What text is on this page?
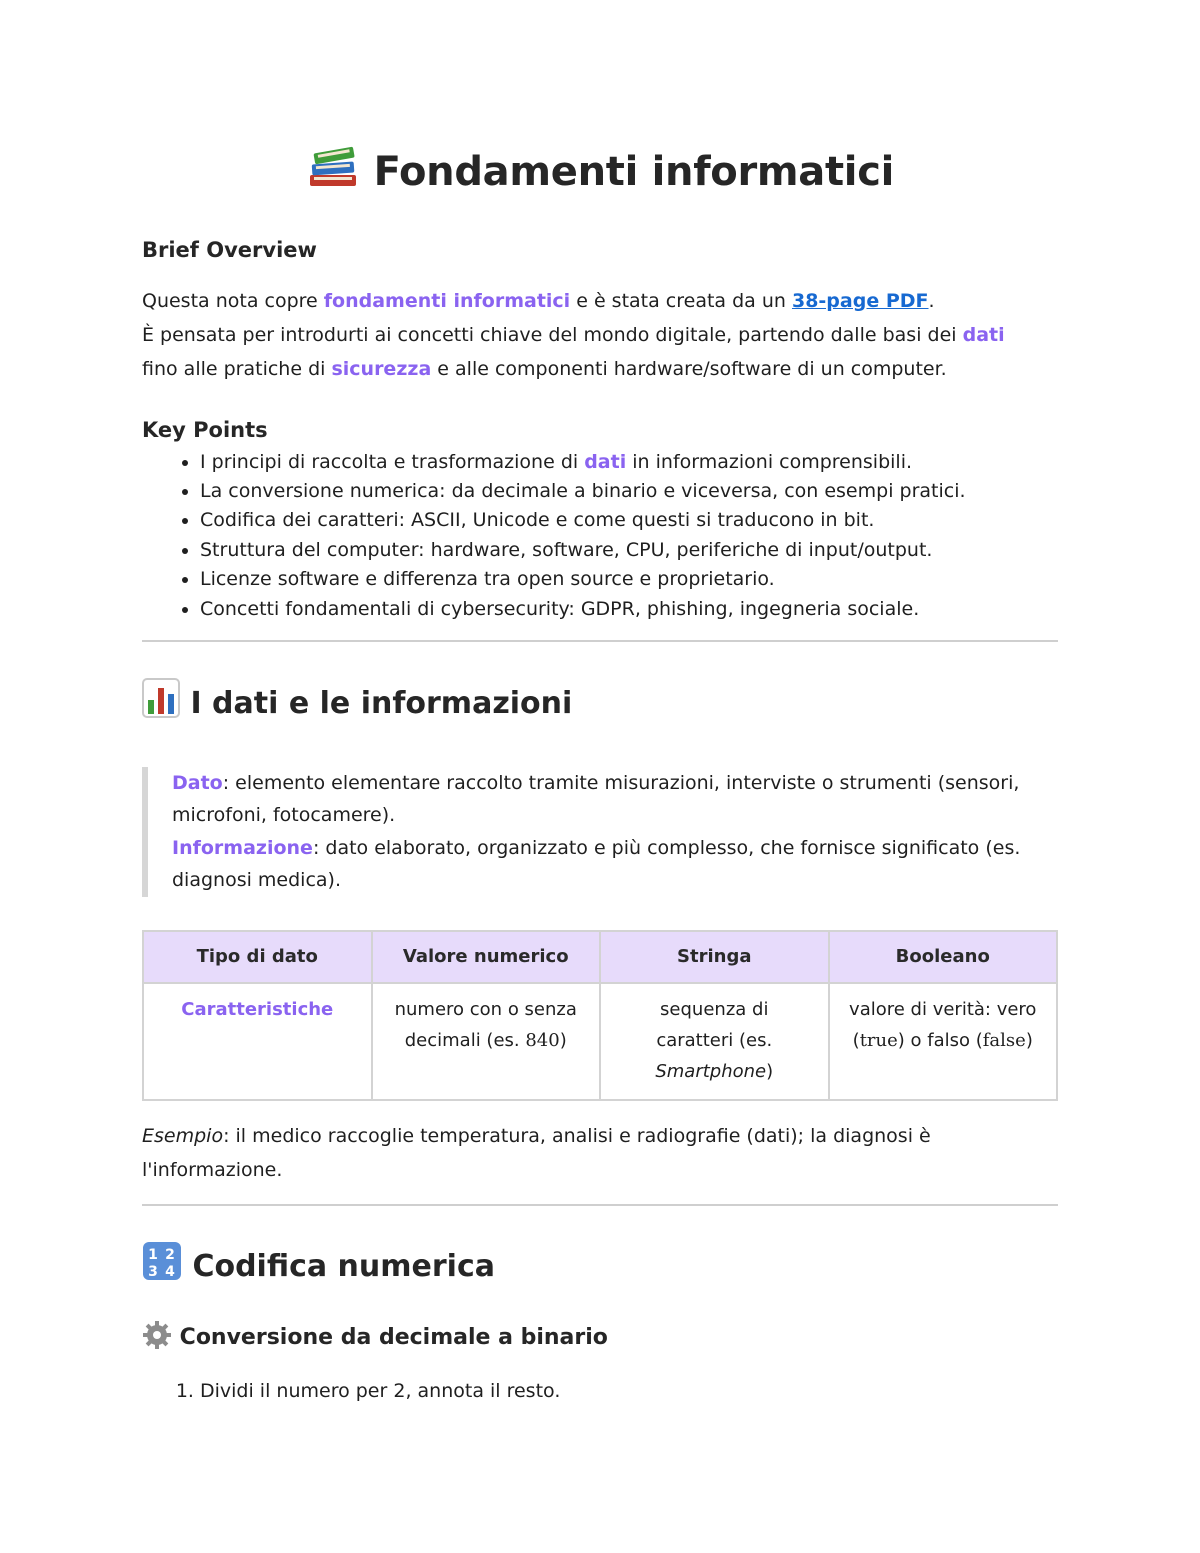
Fondamenti informatici
Brief Overview

Questa nota copre fondamenti informatici e è stata creata da un 38-page PDF.

È pensata per introdurti ai concetti chiave del mondo digitale, partendo dalle basi dei dati

fino alle pratiche di sicurezza e alle componenti hardware/software di un computer.

Key Points
• I principi di raccolta e trasformazione di dati in informazioni comprensibili.
• La conversione numerica: da decimale a binario e viceversa, con esempi pratici.
• Codifica dei caratteri: ASCII, Unicode e come questi si traducono in bit.
• Struttura del computer: hardware, software, CPU, periferiche di input/output.
• Licenze software e differenza tra open source e proprietario.
• Concetti fondamentali di cybersecurity: GDPR, phishing, ingegneria sociale.
I dati e le informazioni

Dato: elemento elementare raccolto tramite misurazioni, interviste o strumenti (sensori, microfoni, fotocamere).

Informazione: dato elaborato, organizzato e più complesso, che fornisce significato (es. diagnosi medica).

Tipo di dato	Valore numerico	Stringa	Booleano
Caratteristiche	numero con o senza decimali (es. 840)	sequenza di caratteri (es. Smartphone)	valore di verità: vero (true) o falso (false)

Esempio: il medico raccoglie temperatura, analisi e radiografie (dati); la diagnosi è l'informazione.

1 2
3 4 Codifica numerica
Conversione da decimale a binario
1. Dividi il numero per 2, annota il resto.
